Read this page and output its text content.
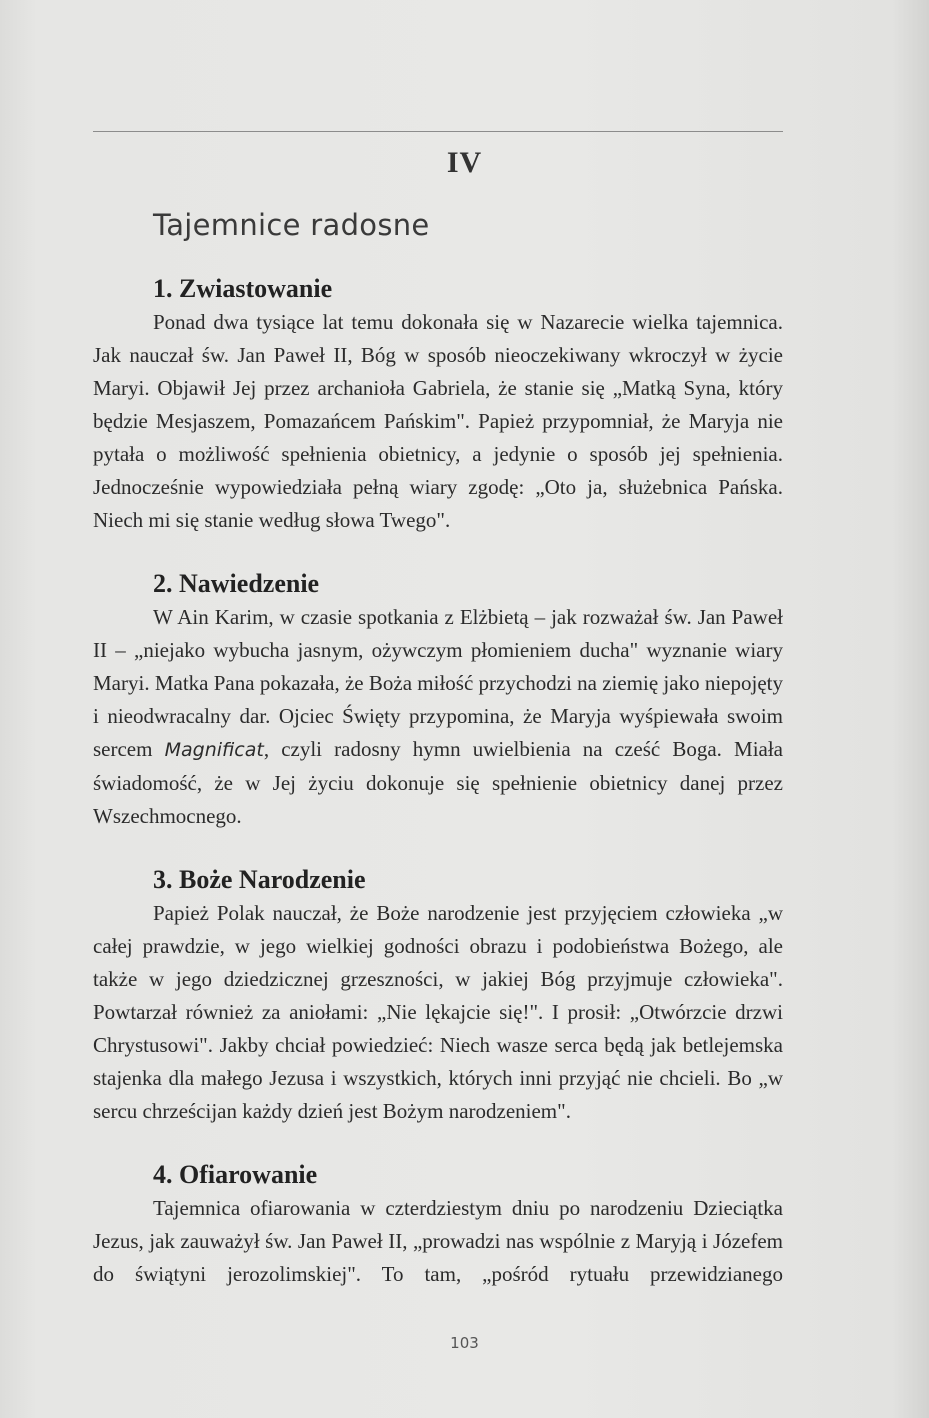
IV
Tajemnice radosne
1. Zwiastowanie

Ponad dwa tysiące lat temu dokonała się w Nazarecie wielka tajemnica. Jak nauczał św. Jan Paweł II, Bóg w sposób nieoczekiwany wkroczył w życie Maryi. Objawił Jej przez archanioła Gabriela, że stanie się „Matką Syna, który będzie Mesjaszem, Pomazańcem Pańskim". Papież przypomniał, że Maryja nie pytała o możliwość spełnienia obietnicy, a jedynie o sposób jej spełnienia. Jednocześnie wypowiedziała pełną wiary zgodę: „Oto ja, służebnica Pańska. Niech mi się stanie według słowa Twego".

2. Nawiedzenie

W Ain Karim, w czasie spotkania z Elżbietą – jak rozważał św. Jan Paweł II – „niejako wybucha jasnym, ożywczym płomieniem ducha" wyznanie wiary Maryi. Matka Pana pokazała, że Boża miłość przychodzi na ziemię jako niepojęty i nieodwracalny dar. Ojciec Święty przypomina, że Maryja wyśpiewała swoim sercem Magnificat, czyli radosny hymn uwielbienia na cześć Boga. Miała świadomość, że w Jej życiu dokonuje się spełnienie obietnicy danej przez Wszechmocnego.

3. Boże Narodzenie

Papież Polak nauczał, że Boże narodzenie jest przyjęciem człowieka „w całej prawdzie, w jego wielkiej godności obrazu i podobieństwa Bożego, ale także w jego dziedzicznej grzeszności, w jakiej Bóg przyjmuje człowieka". Powtarzał również za aniołami: „Nie lękajcie się!". I prosił: „Otwórzcie drzwi Chrystusowi". Jakby chciał powiedzieć: Niech wasze serca będą jak betlejemska stajenka dla małego Jezusa i wszystkich, których inni przyjąć nie chcieli. Bo „w sercu chrześcijan każdy dzień jest Bożym narodzeniem".

4. Ofiarowanie

Tajemnica ofiarowania w czterdziestym dniu po narodzeniu Dzieciątka Jezus, jak zauważył św. Jan Paweł II, „prowadzi nas wspólnie z Maryją i Józefem do świątyni jerozolimskiej". To tam, „pośród rytuału przewidzianego

103
